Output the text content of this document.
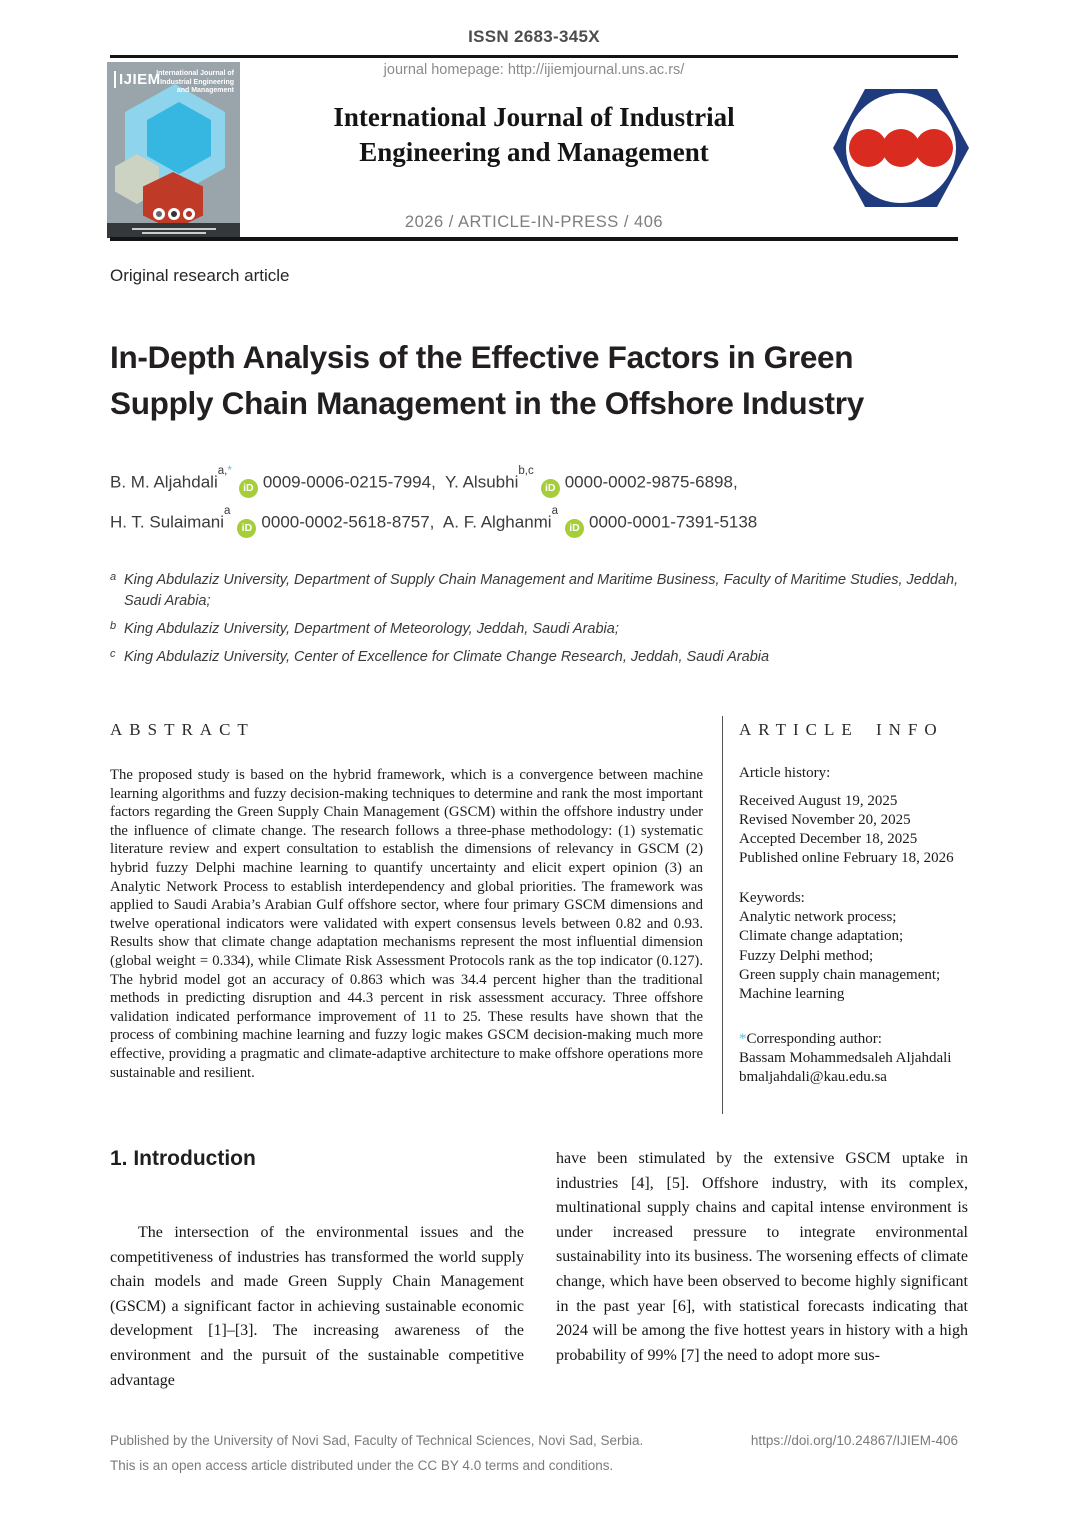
ISSN 2683-345X
journal homepage: http://ijiemjournal.uns.ac.rs/
IJIEM
International Journal of
Industrial Engineering
and Management
International Journal of Industrial
Engineering and Management
2026 / ARTICLE-IN-PRESS / 406
Original research article
In-Depth Analysis of the Effective Factors in Green
Supply Chain Management in the Offshore Industry
B. M. Aljahdali$^{a,*}$iD 0009-0006-0215-7994, Y. Alsubhi$^{b,c}$iD 0000-0002-9875-6898,
H. T. Sulaimani$^a$iD 0000-0002-5618-8757, A. F. Alghanmi$^a$iD 0000-0001-7391-5138
a King Abdulaziz University, Department of Supply Chain Management and Maritime Business, Faculty of Maritime Studies, Jeddah, Saudi Arabia;
b King Abdulaziz University, Department of Meteorology, Jeddah, Saudi Arabia;
c King Abdulaziz University, Center of Excellence for Climate Change Research, Jeddah, Saudi Arabia
ABSTRACT

The proposed study is based on the hybrid framework, which is a convergence between machine learning algorithms and fuzzy decision-making techniques to determine and rank the most important factors regarding the Green Supply Chain Management (GSCM) within the offshore industry under the influence of climate change. The research follows a three-phase methodology: (1) systematic literature review and expert consultation to establish the dimensions of relevancy in GSCM (2) hybrid fuzzy Delphi machine learning to quantify uncertainty and elicit expert opinion (3) an Analytic Network Process to establish interdependency and global priorities. The framework was applied to Saudi Arabia’s Arabian Gulf offshore sector, where four primary GSCM dimensions and twelve operational indicators were validated with expert consensus levels between 0.82 and 0.93. Results show that climate change adaptation mechanisms represent the most influential dimension (global weight = 0.334), while Climate Risk Assessment Protocols rank as the top indicator (0.127). The hybrid model got an accuracy of 0.863 which was 34.4 percent higher than the traditional methods in predicting disruption and 44.3 percent in risk assessment accuracy. Three offshore validation indicated performance improvement of 11 to 25. These results have shown that the process of combining machine learning and fuzzy logic makes GSCM decision-making much more effective, providing a pragmatic and climate-adaptive architecture to make offshore operations more sustainable and resilient.

ARTICLE INFO
Article history:
Received August 19, 2025
Revised November 20, 2025
Accepted December 18, 2025
Published online February 18, 2026
Keywords:
Analytic network process;
Climate change adaptation;
Fuzzy Delphi method;
Green supply chain management;
Machine learning
*Corresponding author:
Bassam Mohammedsaleh Aljahdali
bmaljahdali@kau.edu.sa
1. Introduction
The intersection of the environmental issues and the competitiveness of industries has transformed the world supply chain models and made Green Supply Chain Management (GSCM) a significant factor in achieving sustainable economic development [1]–[3]. The increasing awareness of the environment and the pursuit of the sustainable competitive advantage
have been stimulated by the extensive GSCM uptake in industries [4], [5]. Offshore industry, with its complex, multinational supply chains and capital intense environment is under increased pressure to integrate environmental sustainability into its business. The worsening effects of climate change, which have been observed to become highly significant in the past year [6], with statistical forecasts indicating that 2024 will be among the five hottest years in history with a high probability of 99% [7] the need to adopt more sus-
Published by the University of Novi Sad, Faculty of Technical Sciences, Novi Sad, Serbia.
This is an open access article distributed under the CC BY 4.0 terms and conditions.
https://doi.org/10.24867/IJIEM-406
